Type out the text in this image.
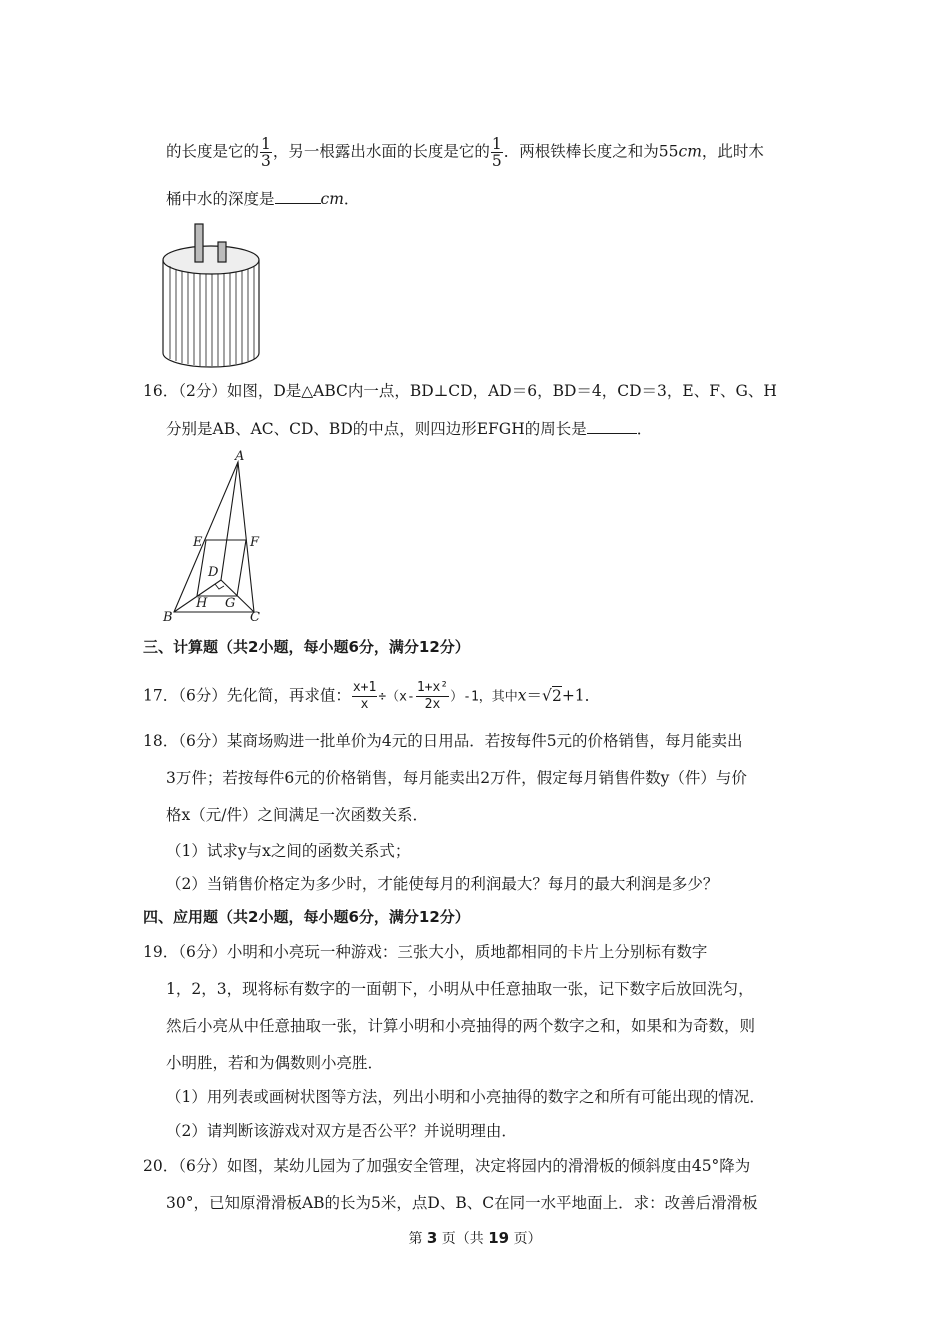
的长度是它的 $\frac{1}{3}$ ，另一根露出水面的长度是它的 $\frac{1}{5}$ ．两根铁棒长度之和为55cm，此时木
桶中水的深度是	cm．
16．（2分）如图，D是△ABC内一点，BD⊥CD，AD＝6，BD＝4，CD＝3，E、F、G、H
分别是AB、AC、CD、BD的中点，则四边形EFGH的周长是	．
A
E	F
D
B
H G
C
三、计算题（共2小题，每小题6分，满分12分）
17．（6分）先化简，再求值： $\frac{x+1}{x} \div(x- \frac{\text{1+x²}}{2x} )-1$，其中x＝√2+1．
18．（6分）某商场购进一批单价为4元的日用品．若按每件5元的价格销售，每月能卖出
3万件；若按每件6元的价格销售，每月能卖出2万件，假定每月销售件数y（件）与价
格x（元/件）之间满足一次函数关系．
（1）试求y与x之间的函数关系式；
（2）当销售价格定为多少时，才能使每月的利润最大？每月的最大利润是多少？
四、应用题（共2小题，每小题6分，满分12分）
19．（6分）小明和小亮玩一种游戏：三张大小，质地都相同的卡片上分别标有数字
1，2，3，现将标有数字的一面朝下，小明从中任意抽取一张，记下数字后放回洗匀，
然后小亮从中任意抽取一张，计算小明和小亮抽得的两个数字之和，如果和为奇数，则
小明胜，若和为偶数则小亮胜．
（1）用列表或画树状图等方法，列出小明和小亮抽得的数字之和所有可能出现的情况．
（2）请判断该游戏对双方是否公平？并说明理由．
20．（6分）如图，某幼儿园为了加强安全管理，决定将园内的滑滑板的倾斜度由45°降为
30°，已知原滑滑板AB的长为5米，点D、B、C在同一水平地面上．求：改善后滑滑板
第 3 页（共 19 页）
